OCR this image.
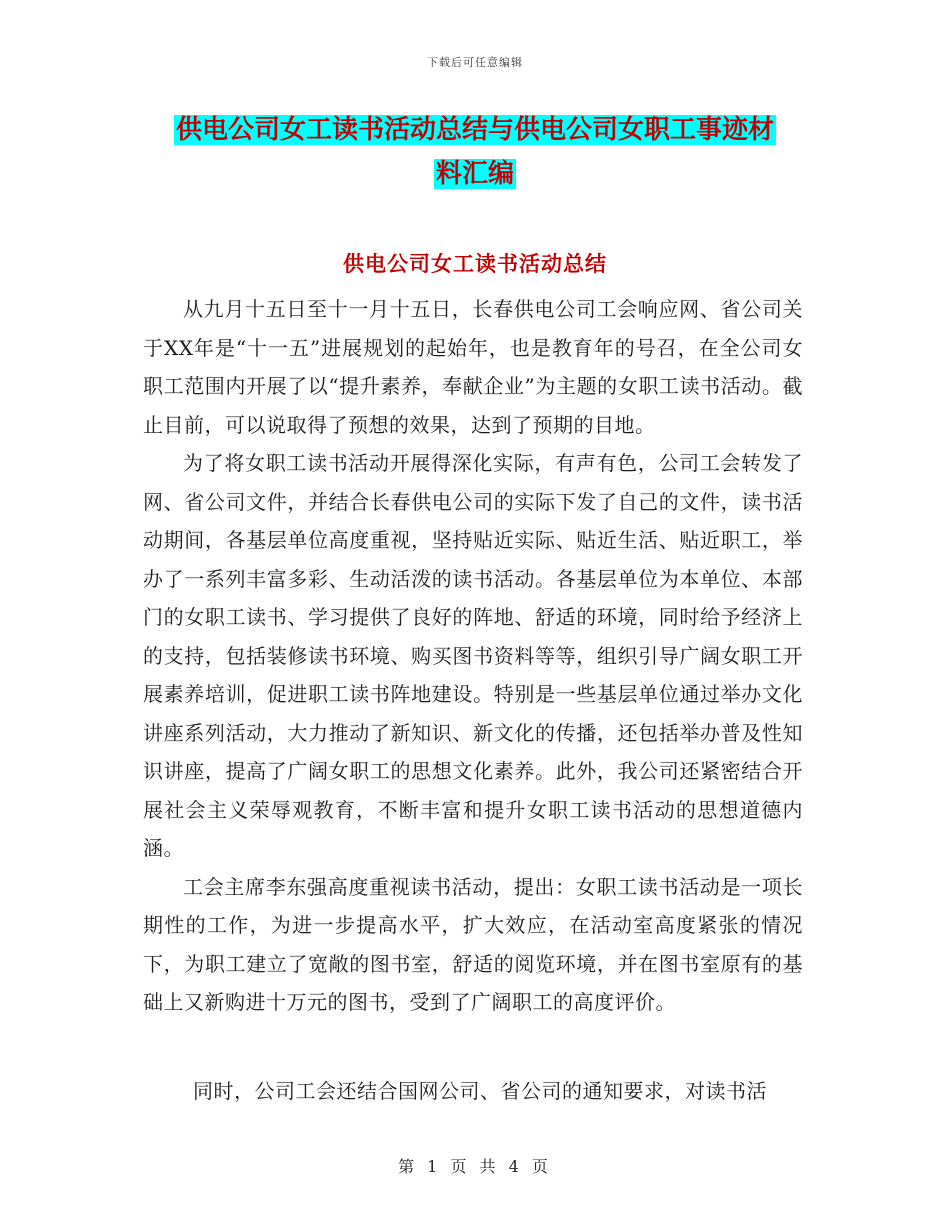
下载后可任意编辑
供电公司女工读书活动总结与供电公司女职工事迹材
料汇编
供电公司女工读书活动总结

从九月十五日至十一月十五日，长春供电公司工会响应网、省公司关于XX年是“十一五”进展规划的起始年，也是教育年的号召，在全公司女职工范围内开展了以“提升素养，奉献企业”为主题的女职工读书活动。截止目前，可以说取得了预想的效果，达到了预期的目地。

为了将女职工读书活动开展得深化实际，有声有色，公司工会转发了网、省公司文件，并结合长春供电公司的实际下发了自己的文件，读书活动期间，各基层单位高度重视，坚持贴近实际、贴近生活、贴近职工，举办了一系列丰富多彩、生动活泼的读书活动。各基层单位为本单位、本部门的女职工读书、学习提供了良好的阵地、舒适的环境，同时给予经济上的支持，包括装修读书环境、购买图书资料等等，组织引导广阔女职工开展素养培训，促进职工读书阵地建设。特别是一些基层单位通过举办文化讲座系列活动，大力推动了新知识、新文化的传播，还包括举办普及性知识讲座，提高了广阔女职工的思想文化素养。此外，我公司还紧密结合开展社会主义荣辱观教育，不断丰富和提升女职工读书活动的思想道德内涵。

工会主席李东强高度重视读书活动，提出：女职工读书活动是一项长期性的工作，为进一步提高水平，扩大效应，在活动室高度紧张的情况下，为职工建立了宽敞的图书室，舒适的阅览环境，并在图书室原有的基础上又新购进十万元的图书，受到了广阔职工的高度评价。

同时，公司工会还结合国网公司、省公司的通知要求，对读书活
第 1 页 共 4 页
